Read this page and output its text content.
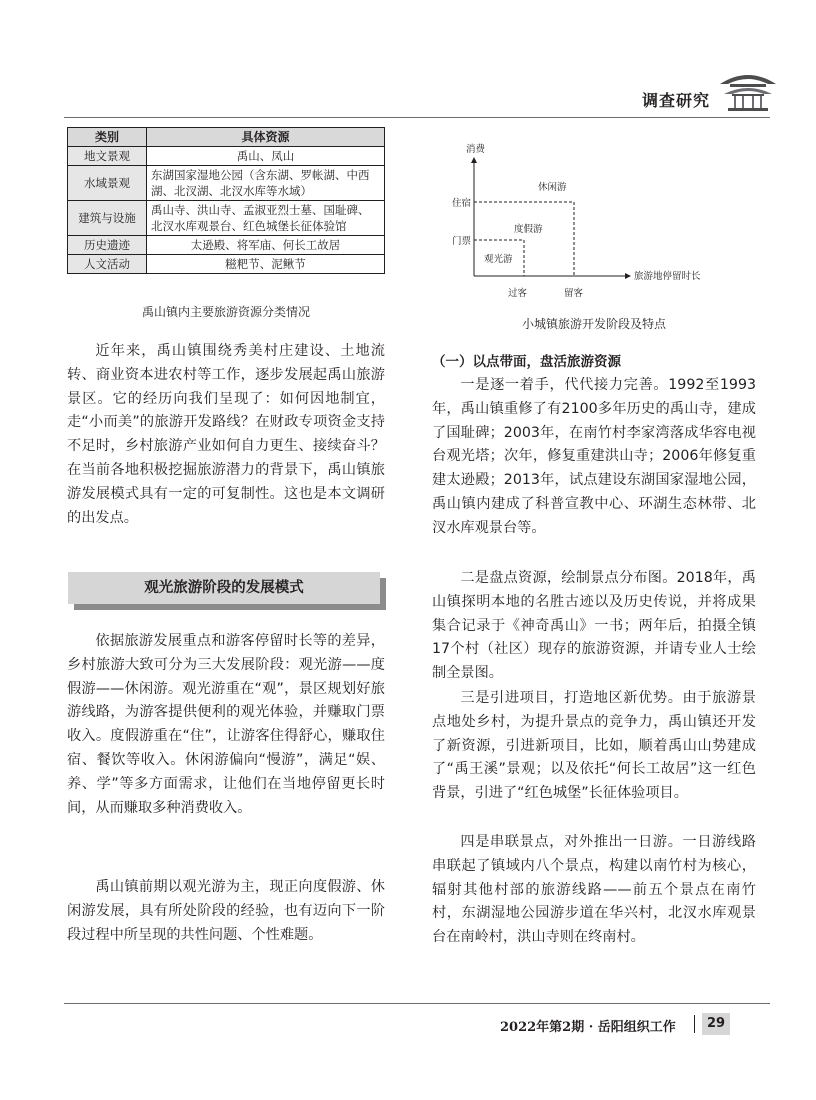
调查研究
类别	具体资源
地文景观	禹山、凤山
水域景观	东湖国家湿地公园（含东湖、罗帐湖、中西湖、北汊湖、北汊水库等水域）
建筑与设施	禹山寺、洪山寺、孟淑亚烈士墓、国耻碑、北汊水库观景台、红色城堡长征体验馆
历史遗迹	太逊殿、将军庙、何长工故居
人文活动	糍粑节、泥鳅节
禹山镇内主要旅游资源分类情况

近年来，禹山镇围绕秀美村庄建设、土地流转、商业资本进农村等工作，逐步发展起禹山旅游景区。它的经历向我们呈现了：如何因地制宜，走“小而美”的旅游开发路线？在财政专项资金支持不足时，乡村旅游产业如何自力更生、接续奋斗？在当前各地积极挖掘旅游潜力的背景下，禹山镇旅游发展模式具有一定的可复制性。这也是本文调研的出发点。

观光旅游阶段的发展模式

依据旅游发展重点和游客停留时长等的差异，乡村旅游大致可分为三大发展阶段：观光游——度假游——休闲游。观光游重在“观”，景区规划好旅游线路，为游客提供便利的观光体验，并赚取门票收入。度假游重在“住”，让游客住得舒心，赚取住宿、餐饮等收入。休闲游偏向“慢游”，满足“娱、养、学”等多方面需求，让他们在当地停留更长时间，从而赚取多种消费收入。

禹山镇前期以观光游为主，现正向度假游、休闲游发展，具有所处阶段的经验，也有迈向下一阶段过程中所呈现的共性问题、个性难题。

消费
住宿
门票
休闲游
度假游
观光游
过客	留客
旅游地停留时长
小城镇旅游开发阶段及特点
（一）以点带面，盘活旅游资源

一是逐一着手，代代接力完善。1992至1993年，禹山镇重修了有2100多年历史的禹山寺，建成了国耻碑；2003年，在南竹村李家湾落成华容电视台观光塔；次年，修复重建洪山寺；2006年修复重建太逊殿；2013年，试点建设东湖国家湿地公园，禹山镇内建成了科普宣教中心、环湖生态林带、北汊水库观景台等。

二是盘点资源，绘制景点分布图。2018年，禹山镇探明本地的名胜古迹以及历史传说，并将成果集合记录于《神奇禹山》一书；两年后，拍摄全镇17个村（社区）现存的旅游资源，并请专业人士绘制全景图。

三是引进项目，打造地区新优势。由于旅游景点地处乡村，为提升景点的竞争力，禹山镇还开发了新资源，引进新项目，比如，顺着禹山山势建成了“禹王溪”景观；以及依托“何长工故居”这一红色背景，引进了“红色城堡”长征体验项目。

四是串联景点，对外推出一日游。一日游线路串联起了镇域内八个景点，构建以南竹村为核心，辐射其他村部的旅游线路——前五个景点在南竹村，东湖湿地公园游步道在华兴村，北汊水库观景台在南岭村，洪山寺则在终南村。

2022年第2期 · 岳阳组织工作	29
